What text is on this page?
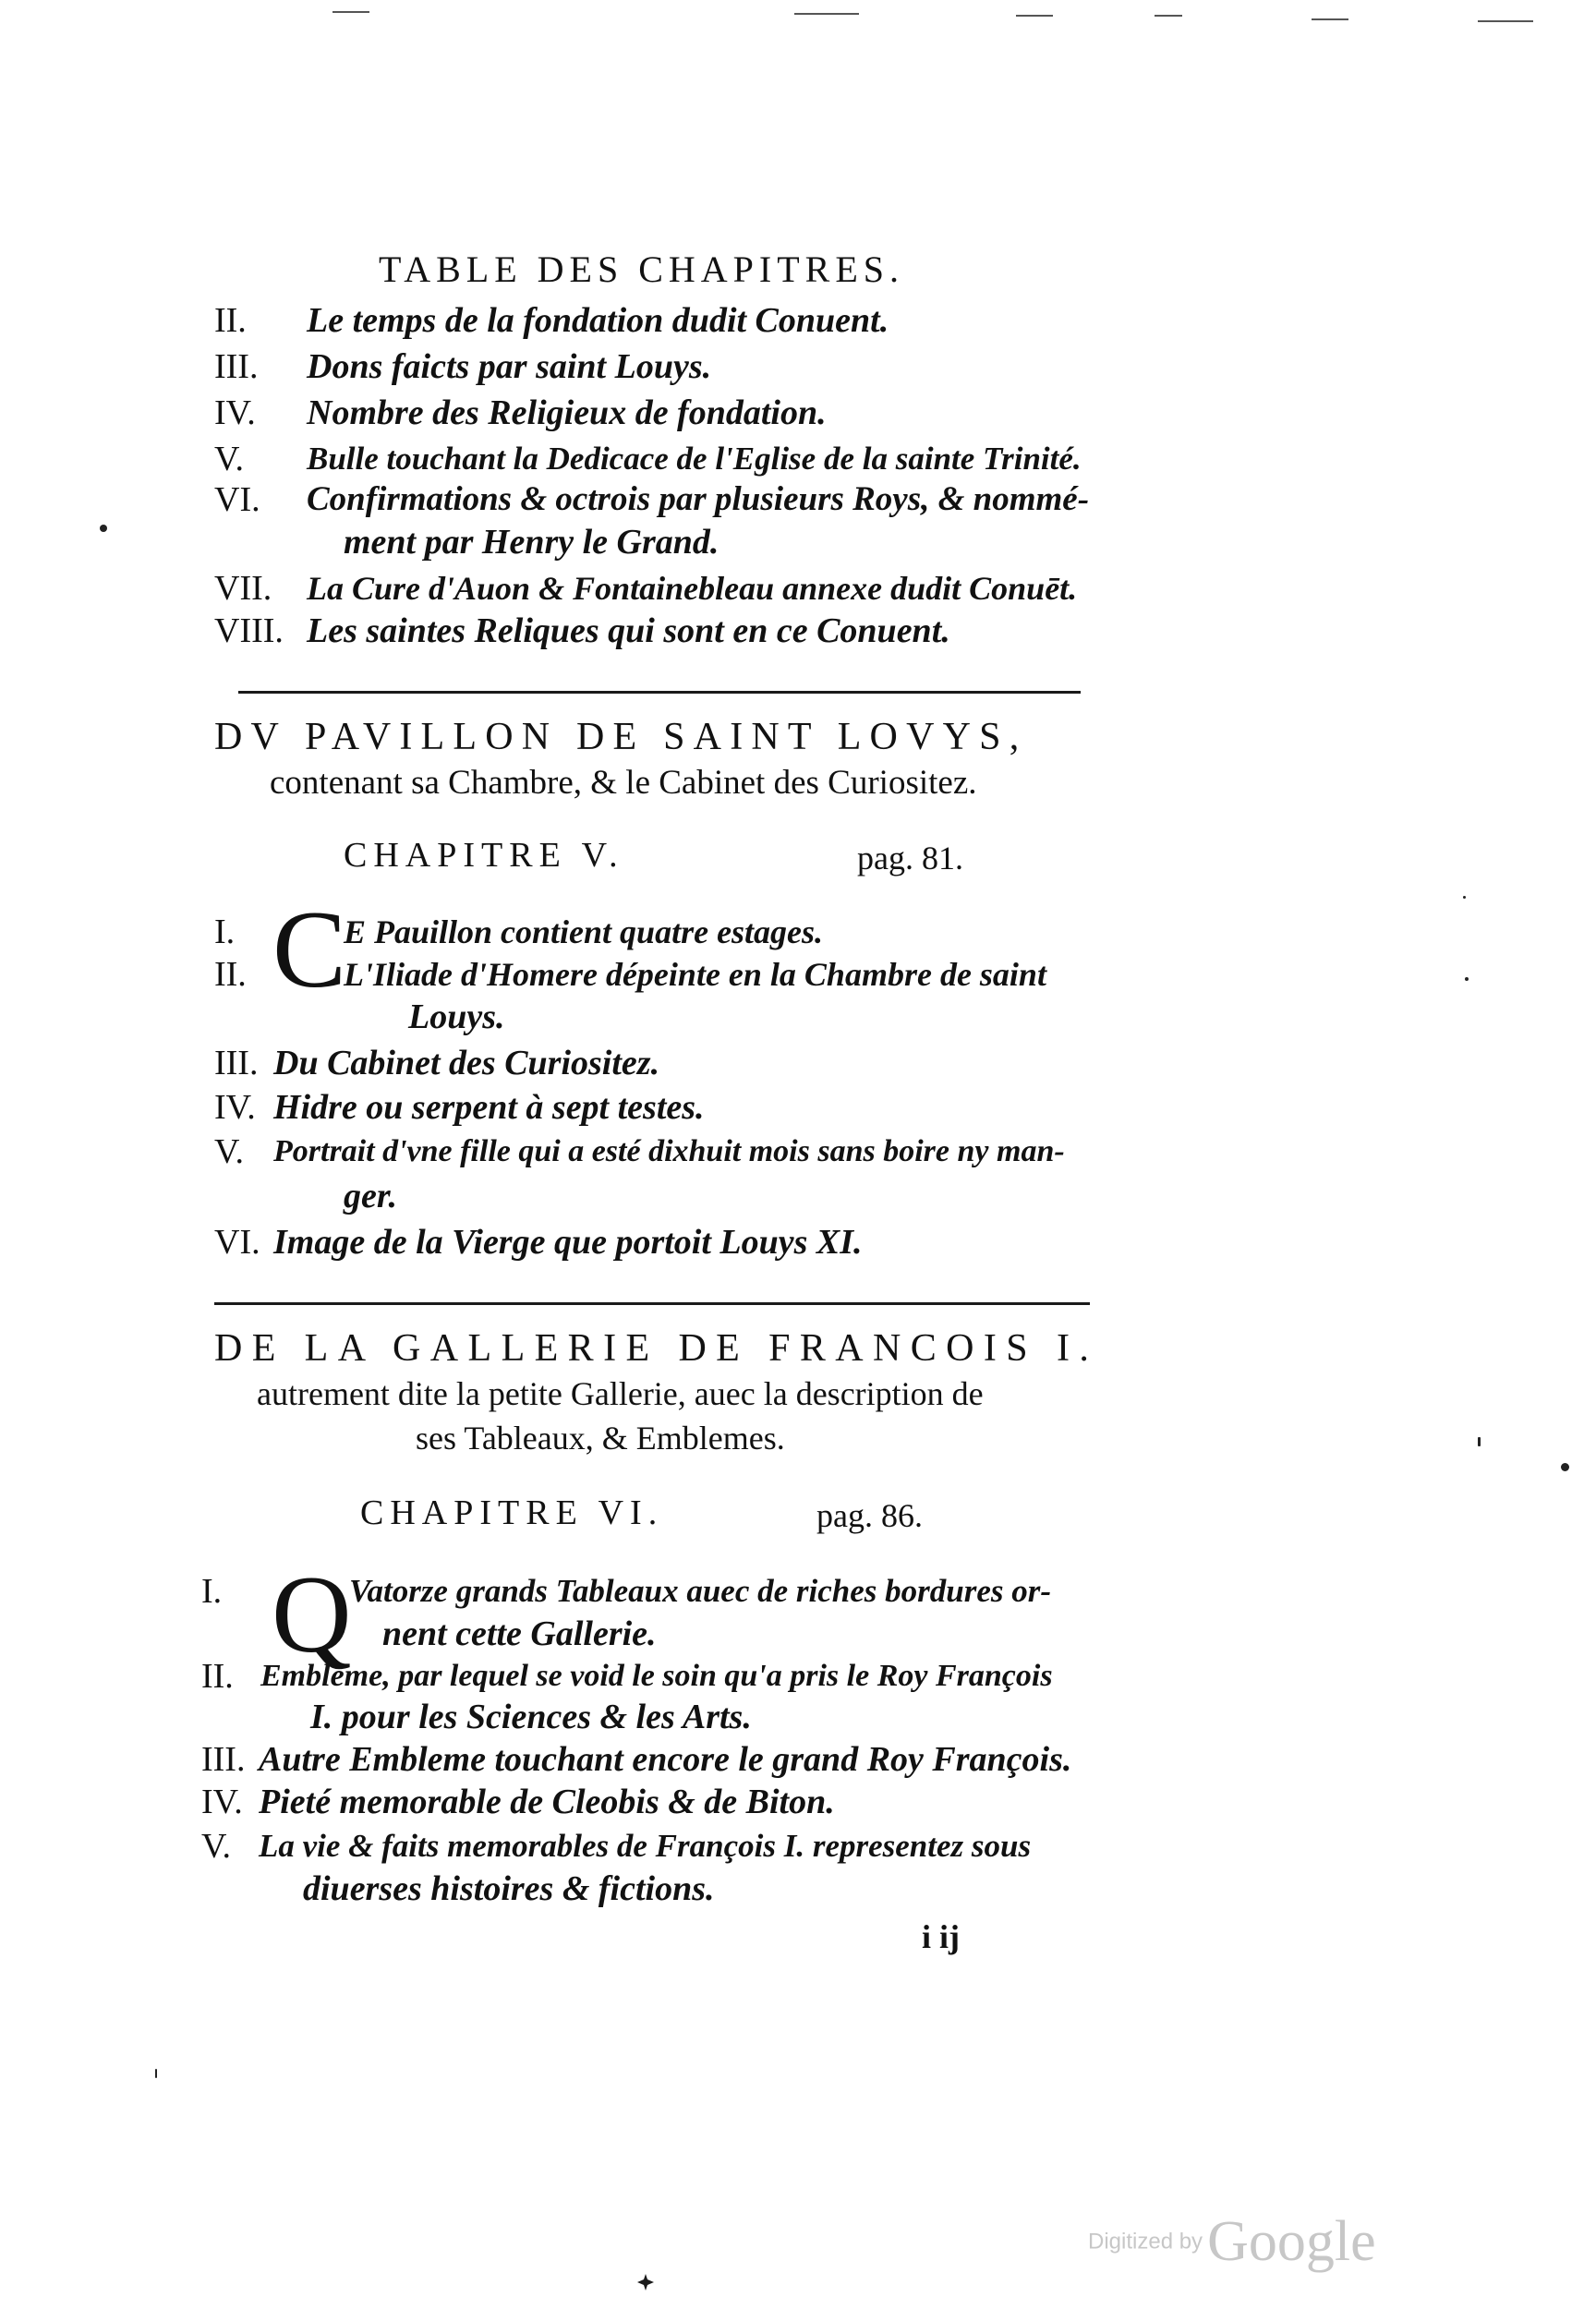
TABLE DES CHAPITRES.
II. Le temps de la fondation dudit Conuent.
III. Dons faicts par saint Louys.
IV. Nombre des Religieux de fondation.
V. Bulle touchant la Dedicace de l'Eglise de la sainte Trinité.
VI. Confirmations & octrois par plusieurs Roys, & nommé-
ment par Henry le Grand.
VII. La Cure d'Auon & Fontainebleau annexe dudit Conuēt.
VIII. Les saintes Reliques qui sont en ce Conuent.
DV PAVILLON DE SAINT LOVYS,
contenant sa Chambre, & le Cabinet des Curiositez.
CHAPITRE V.	pag. 81.
C
I.	E Pauillon contient quatre estages.
II.	L'Iliade d'Homere dépeinte en la Chambre de saint
Louys.
III. Du Cabinet des Curiositez.
IV. Hidre ou serpent à sept testes.
V. Portrait d'vne fille qui a esté dixhuit mois sans boire ny man-
ger.
VI. Image de la Vierge que portoit Louys XI.
DE LA GALLERIE DE FRANCOIS I.
autrement dite la petite Gallerie, auec la description de
ses Tableaux, & Emblemes.
CHAPITRE VI.	pag. 86.
Q
I.	Vatorze grands Tableaux auec de riches bordures or-
nent cette Gallerie.
II. Embleme, par lequel se void le soin qu'a pris le Roy François
I. pour les Sciences & les Arts.
III. Autre Embleme touchant encore le grand Roy François.
IV. Pieté memorable de Cleobis & de Biton.
V. La vie & faits memorables de François I. representez sous
diuerses histoires & fictions.
i ij
Digitized by Google
